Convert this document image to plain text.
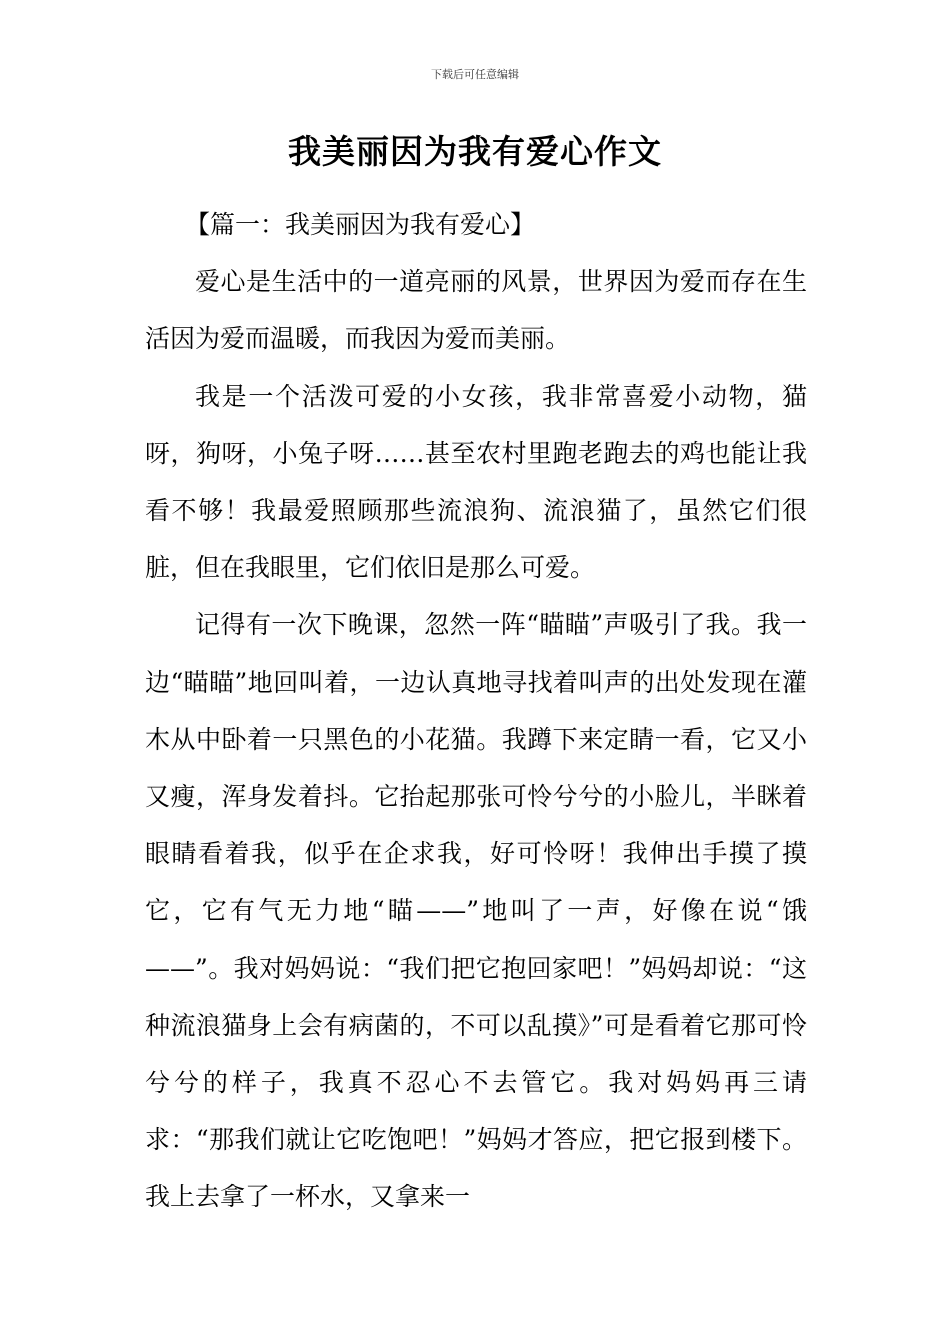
下载后可任意编辑
我美丽因为我有爱心作文

【篇一：我美丽因为我有爱心】

爱心是生活中的一道亮丽的风景，世界因为爱而存在生活因为爱而温暖，而我因为爱而美丽。

我是一个活泼可爱的小女孩，我非常喜爱小动物，猫呀，狗呀，小兔子呀……甚至农村里跑老跑去的鸡也能让我看不够！我最爱照顾那些流浪狗、流浪猫了，虽然它们很脏，但在我眼里，它们依旧是那么可爱。

记得有一次下晚课，忽然一阵“瞄瞄”声吸引了我。我一边“瞄瞄”地回叫着，一边认真地寻找着叫声的出处发现在灌木从中卧着一只黑色的小花猫。我蹲下来定睛一看，它又小又瘦，浑身发着抖。它抬起那张可怜兮兮的小脸儿，半眯着眼睛看着我，似乎在企求我，好可怜呀！我伸出手摸了摸它，它有气无力地“瞄——”地叫了一声，好像在说“饿——”。我对妈妈说：“我们把它抱回家吧！”妈妈却说：“这种流浪猫身上会有病菌的，不可以乱摸》”可是看着它那可怜兮兮的样子，我真不忍心不去管它。我对妈妈再三请求：“那我们就让它吃饱吧！”妈妈才答应，把它报到楼下。我上去拿了一杯水，又拿来一
